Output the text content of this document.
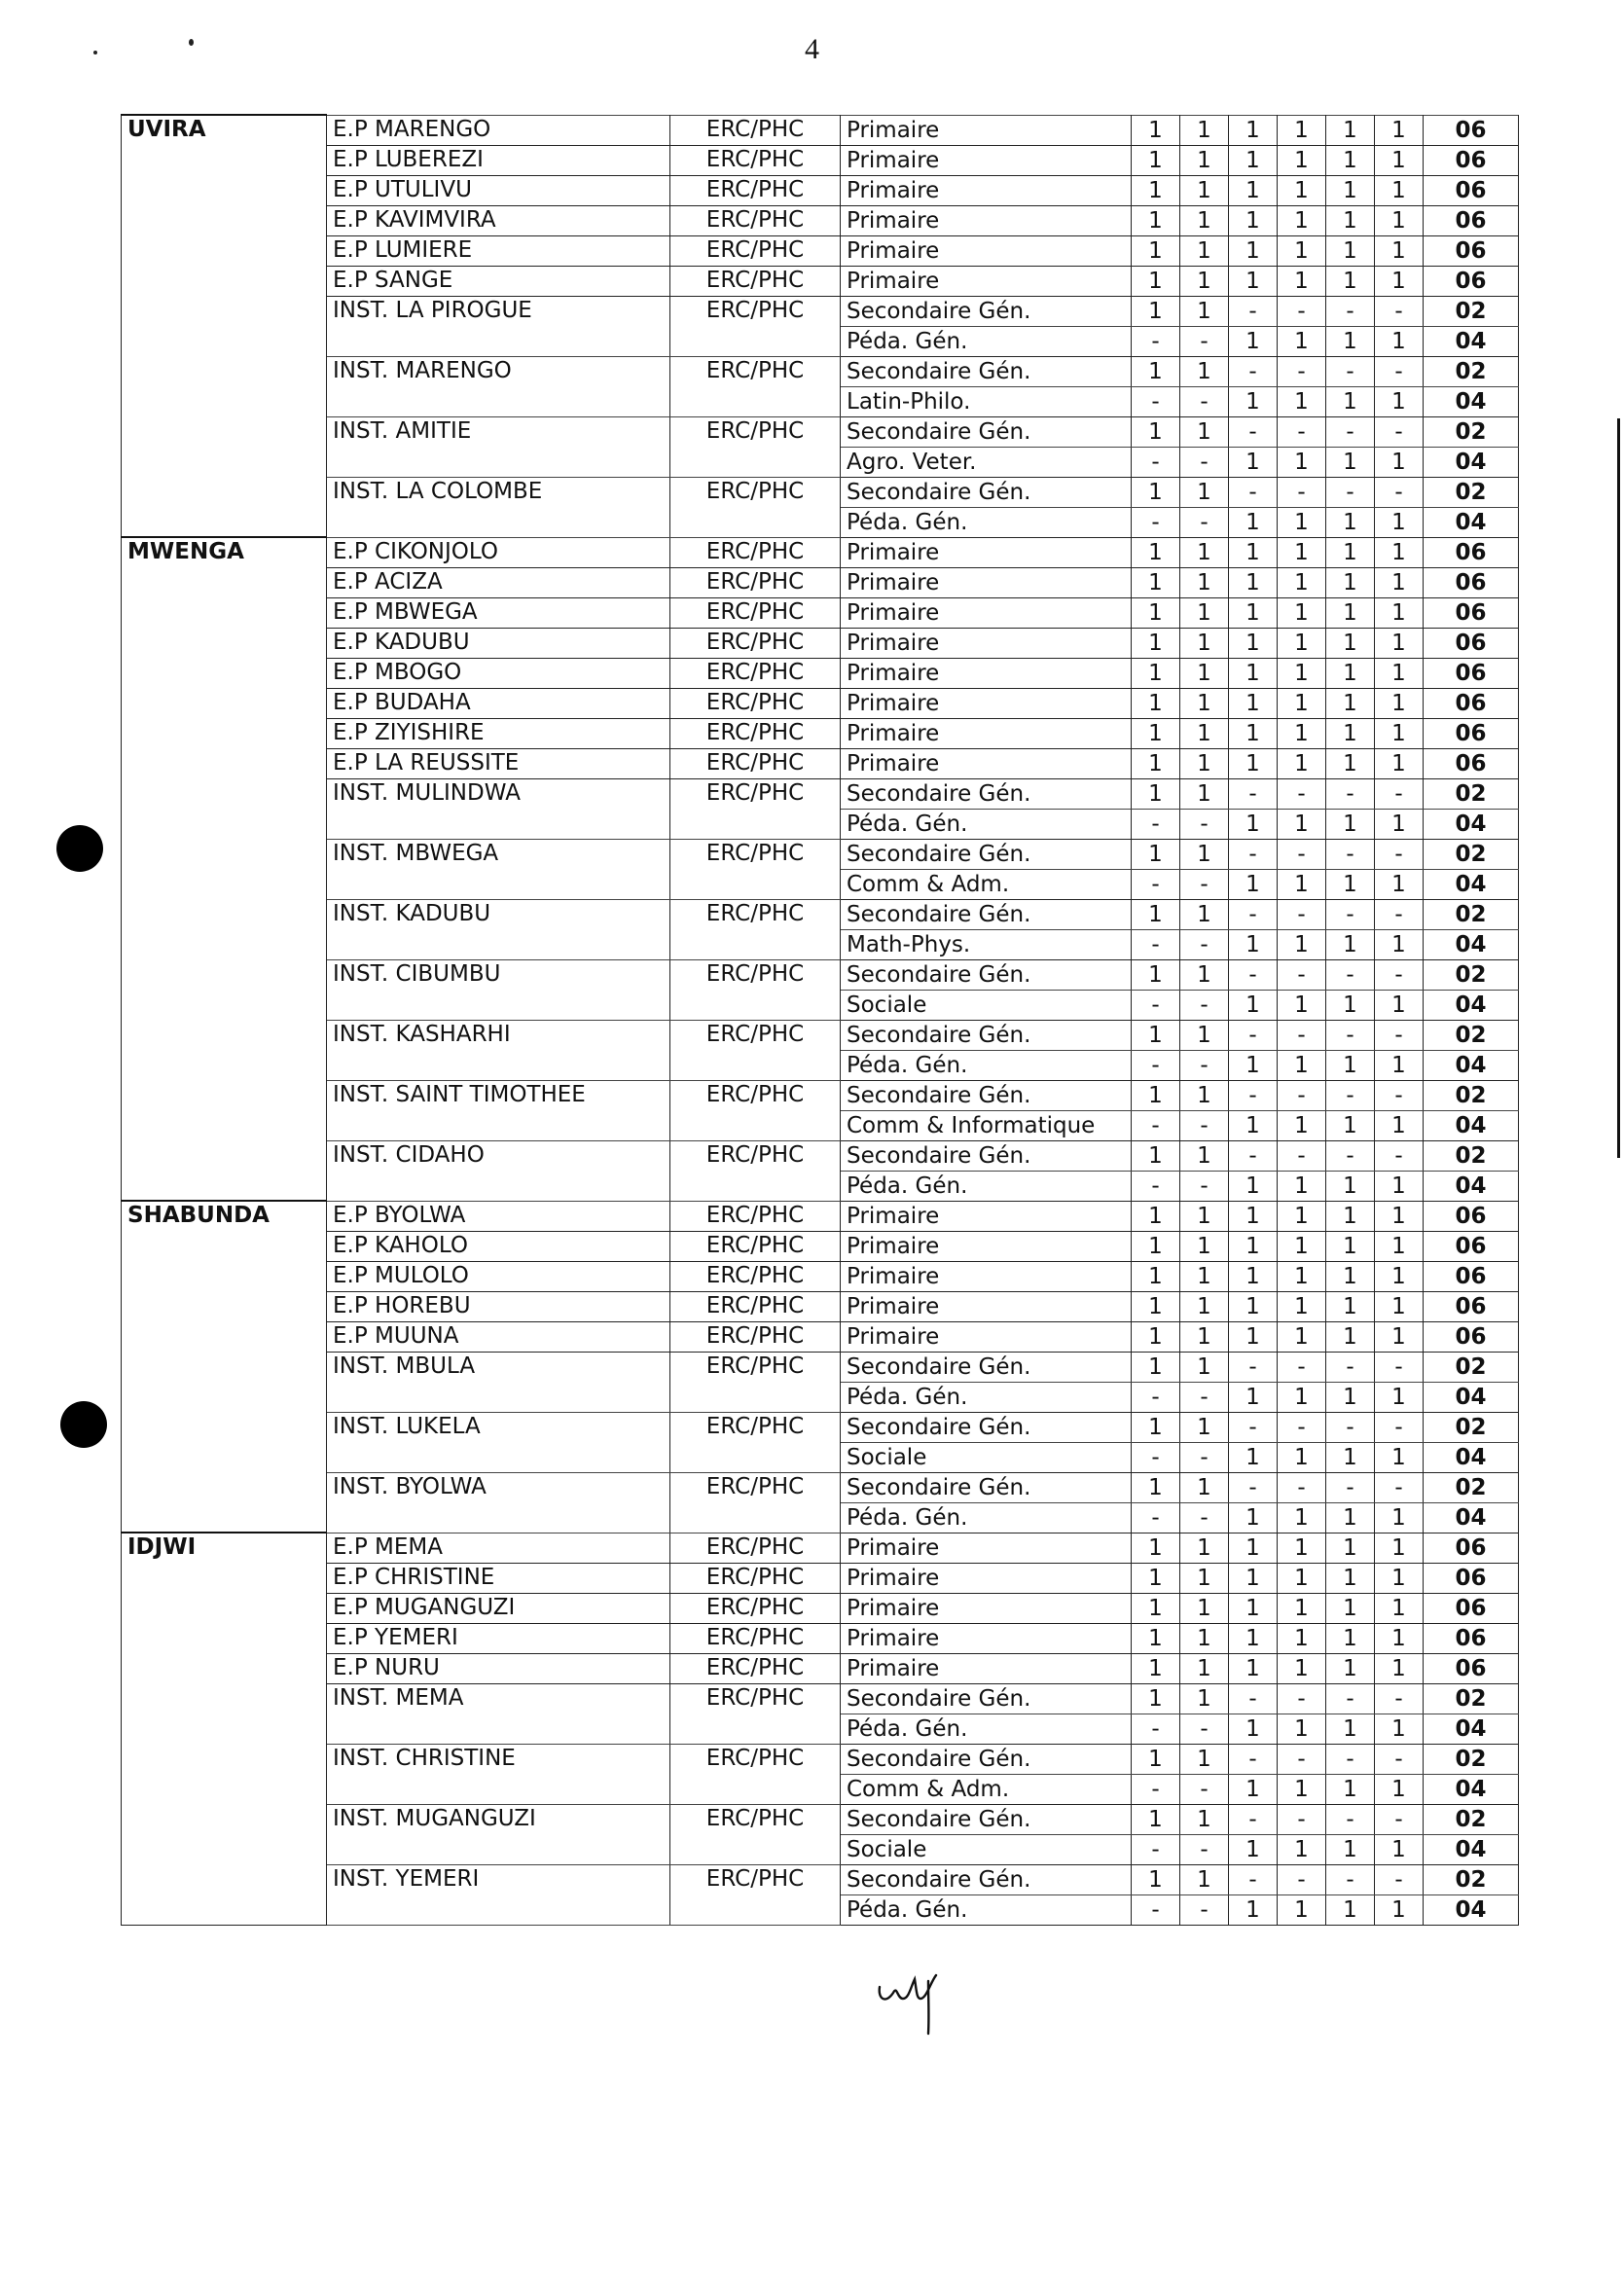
4
UVIRA	E.P MARENGO	ERC/PHC	Primaire	1	1	1	1	1	1	06
	E.P LUBEREZI	ERC/PHC	Primaire	1	1	1	1	1	1	06
	E.P UTULIVU	ERC/PHC	Primaire	1	1	1	1	1	1	06
	E.P KAVIMVIRA	ERC/PHC	Primaire	1	1	1	1	1	1	06
	E.P LUMIERE	ERC/PHC	Primaire	1	1	1	1	1	1	06
	E.P SANGE	ERC/PHC	Primaire	1	1	1	1	1	1	06
	INST. LA PIROGUE	ERC/PHC	Secondaire Gén.	1	1	-	-	-	-	02
			Péda. Gén.	-	-	1	1	1	1	04
	INST. MARENGO	ERC/PHC	Secondaire Gén.	1	1	-	-	-	-	02
			Latin-Philo.	-	-	1	1	1	1	04
	INST. AMITIE	ERC/PHC	Secondaire Gén.	1	1	-	-	-	-	02
			Agro. Veter.	-	-	1	1	1	1	04
	INST. LA COLOMBE	ERC/PHC	Secondaire Gén.	1	1	-	-	-	-	02
			Péda. Gén.	-	-	1	1	1	1	04
MWENGA	E.P CIKONJOLO	ERC/PHC	Primaire	1	1	1	1	1	1	06
	E.P ACIZA	ERC/PHC	Primaire	1	1	1	1	1	1	06
	E.P MBWEGA	ERC/PHC	Primaire	1	1	1	1	1	1	06
	E.P KADUBU	ERC/PHC	Primaire	1	1	1	1	1	1	06
	E.P MBOGO	ERC/PHC	Primaire	1	1	1	1	1	1	06
	E.P BUDAHA	ERC/PHC	Primaire	1	1	1	1	1	1	06
	E.P ZIYISHIRE	ERC/PHC	Primaire	1	1	1	1	1	1	06
	E.P LA REUSSITE	ERC/PHC	Primaire	1	1	1	1	1	1	06
	INST. MULINDWA	ERC/PHC	Secondaire Gén.	1	1	-	-	-	-	02
			Péda. Gén.	-	-	1	1	1	1	04
	INST. MBWEGA	ERC/PHC	Secondaire Gén.	1	1	-	-	-	-	02
			Comm & Adm.	-	-	1	1	1	1	04
	INST. KADUBU	ERC/PHC	Secondaire Gén.	1	1	-	-	-	-	02
			Math-Phys.	-	-	1	1	1	1	04
	INST. CIBUMBU	ERC/PHC	Secondaire Gén.	1	1	-	-	-	-	02
			Sociale	-	-	1	1	1	1	04
	INST. KASHARHI	ERC/PHC	Secondaire Gén.	1	1	-	-	-	-	02
			Péda. Gén.	-	-	1	1	1	1	04
	INST. SAINT TIMOTHEE	ERC/PHC	Secondaire Gén.	1	1	-	-	-	-	02
			Comm & Informatique	-	-	1	1	1	1	04
	INST. CIDAHO	ERC/PHC	Secondaire Gén.	1	1	-	-	-	-	02
			Péda. Gén.	-	-	1	1	1	1	04
SHABUNDA	E.P BYOLWA	ERC/PHC	Primaire	1	1	1	1	1	1	06
	E.P KAHOLO	ERC/PHC	Primaire	1	1	1	1	1	1	06
	E.P MULOLO	ERC/PHC	Primaire	1	1	1	1	1	1	06
	E.P HOREBU	ERC/PHC	Primaire	1	1	1	1	1	1	06
	E.P MUUNA	ERC/PHC	Primaire	1	1	1	1	1	1	06
	INST. MBULA	ERC/PHC	Secondaire Gén.	1	1	-	-	-	-	02
			Péda. Gén.	-	-	1	1	1	1	04
	INST. LUKELA	ERC/PHC	Secondaire Gén.	1	1	-	-	-	-	02
			Sociale	-	-	1	1	1	1	04
	INST. BYOLWA	ERC/PHC	Secondaire Gén.	1	1	-	-	-	-	02
			Péda. Gén.	-	-	1	1	1	1	04
IDJWI	E.P MEMA	ERC/PHC	Primaire	1	1	1	1	1	1	06
	E.P CHRISTINE	ERC/PHC	Primaire	1	1	1	1	1	1	06
	E.P MUGANGUZI	ERC/PHC	Primaire	1	1	1	1	1	1	06
	E.P YEMERI	ERC/PHC	Primaire	1	1	1	1	1	1	06
	E.P NURU	ERC/PHC	Primaire	1	1	1	1	1	1	06
	INST. MEMA	ERC/PHC	Secondaire Gén.	1	1	-	-	-	-	02
			Péda. Gén.	-	-	1	1	1	1	04
	INST. CHRISTINE	ERC/PHC	Secondaire Gén.	1	1	-	-	-	-	02
			Comm & Adm.	-	-	1	1	1	1	04
	INST. MUGANGUZI	ERC/PHC	Secondaire Gén.	1	1	-	-	-	-	02
			Sociale	-	-	1	1	1	1	04
	INST. YEMERI	ERC/PHC	Secondaire Gén.	1	1	-	-	-	-	02
			Péda. Gén.	-	-	1	1	1	1	04
